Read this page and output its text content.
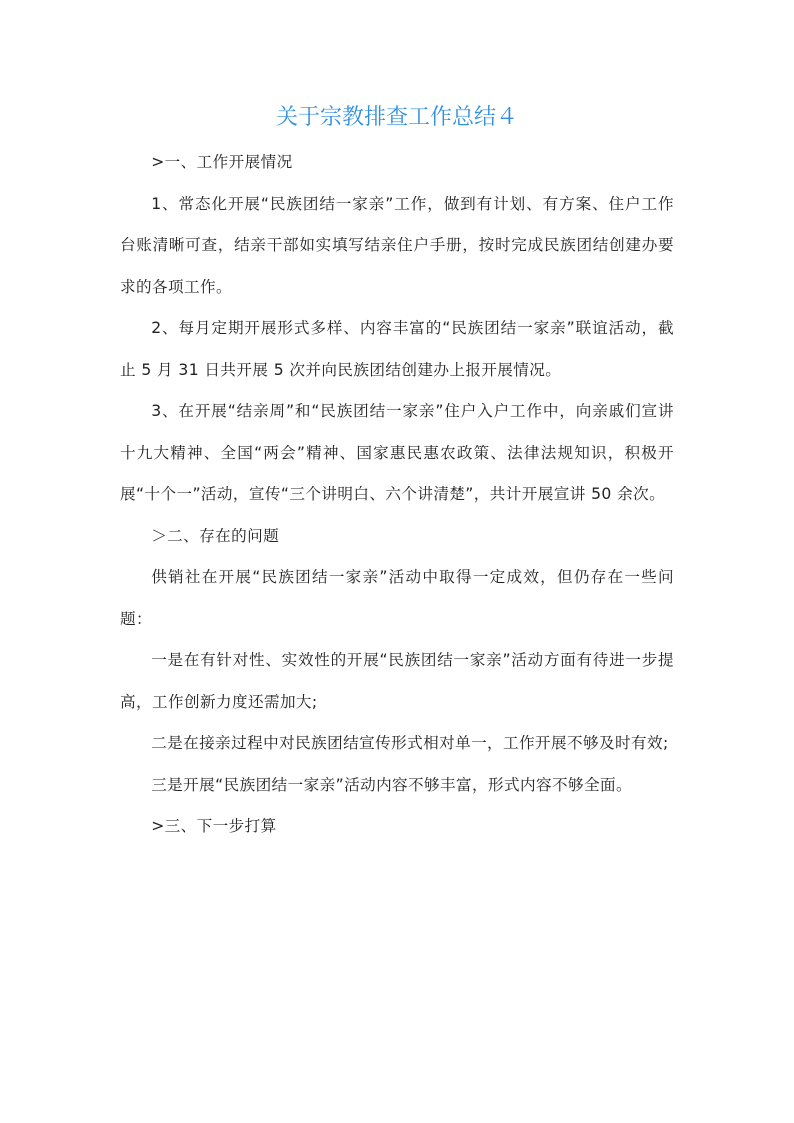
关于宗教排查工作总结４

>一、工作开展情况

1、常态化开展“民族团结一家亲”工作，做到有计划、有方案、住户工作台账清晰可查，结亲干部如实填写结亲住户手册，按时完成民族团结创建办要求的各项工作。

2、每月定期开展形式多样、内容丰富的“民族团结一家亲”联谊活动，截止 5 月 31 日共开展 5 次并向民族团结创建办上报开展情况。

3、在开展“结亲周”和“民族团结一家亲”住户入户工作中，向亲戚们宣讲十九大精神、全国“两会”精神、国家惠民惠农政策、法律法规知识，积极开展“十个一”活动，宣传“三个讲明白、六个讲清楚”，共计开展宣讲 50 余次。

＞二、存在的问题

供销社在开展“民族团结一家亲”活动中取得一定成效，但仍存在一些问题：

一是在有针对性、实效性的开展“民族团结一家亲”活动方面有待进一步提高，工作创新力度还需加大;

二是在接亲过程中对民族团结宣传形式相对单一，工作开展不够及时有效;

三是开展“民族团结一家亲”活动内容不够丰富，形式内容不够全面。

>三、下一步打算
